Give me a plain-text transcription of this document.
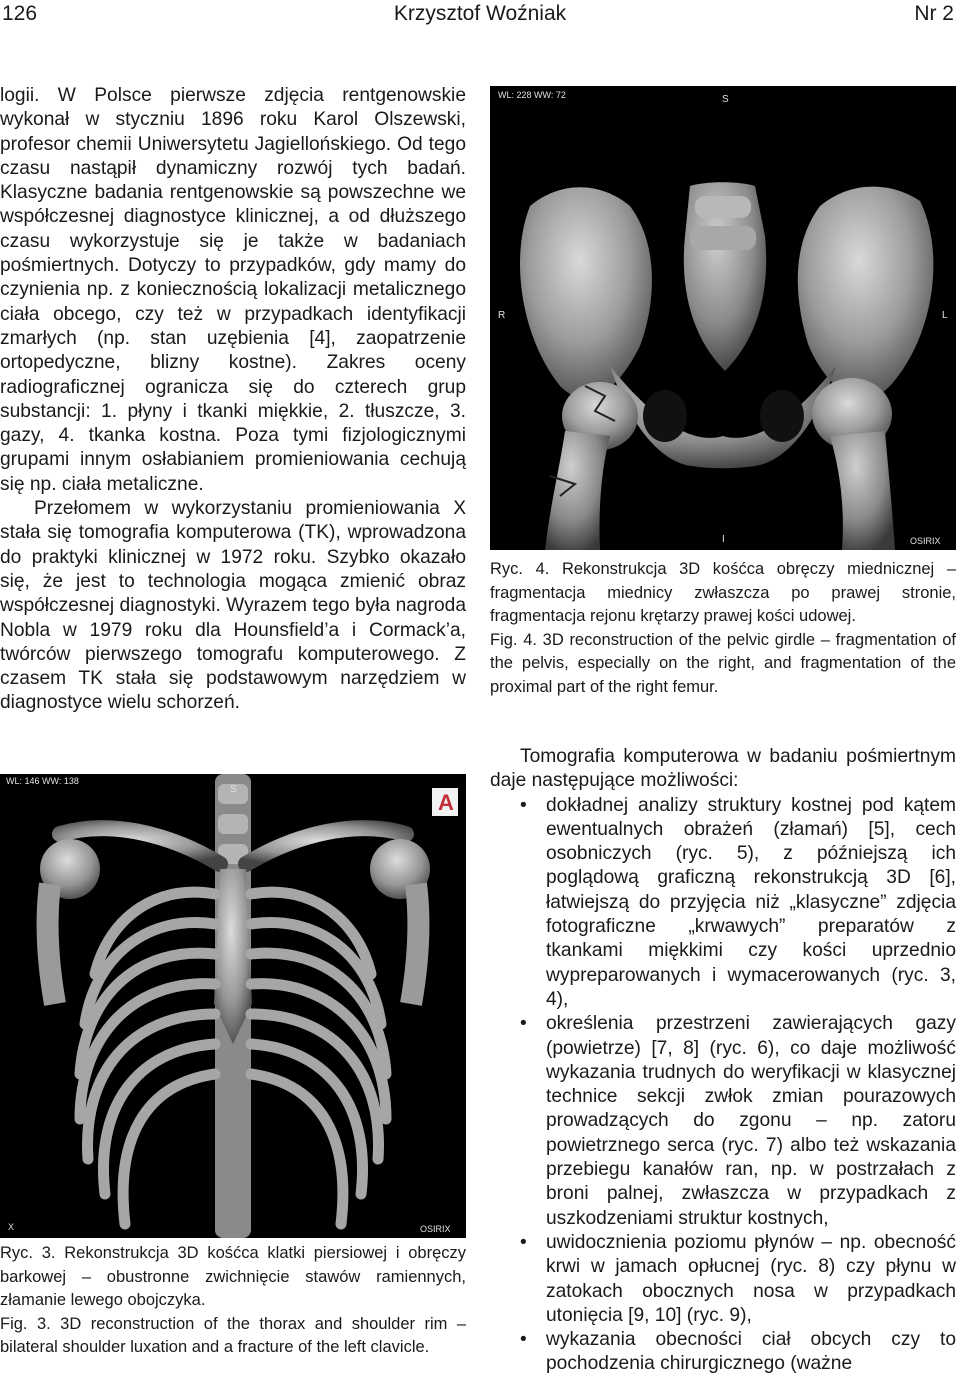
126	Krzysztof Woźniak	Nr 2

logii. W Polsce pierwsze zdjęcia rentgenowskie wykonał w styczniu 1896 roku Karol Olszewski, profesor chemii Uniwersytetu Jagiellońskiego. Od tego czasu nastąpił dynamiczny rozwój tych badań. Klasyczne badania rentgenowskie są powszechne we współczesnej diagnostyce klinicznej, a od dłuższego czasu wykorzystuje się je także w badaniach pośmiertnych. Dotyczy to przypadków, gdy mamy do czynienia np. z koniecznością lokalizacji metalicznego ciała obcego, czy też w przypadkach identyfikacji zmarłych (np. stan uzębienia [4], zaopatrzenie ortopedyczne, blizny kostne). Zakres oceny radiograficznej ogranicza się do czterech grup substancji: 1. płyny i tkanki miękkie, 2. tłuszcze, 3. gazy, 4. tkanka kostna. Poza tymi fizjologicznymi grupami innym osłabianiem promieniowania cechują się np. ciała metaliczne.

Przełomem w wykorzystaniu promieniowania X stała się tomografia komputerowa (TK), wprowadzona do praktyki klinicznej w 1972 roku. Szybko okazało się, że jest to technologia mogąca zmienić obraz współczesnej diagnostyki. Wyrazem tego była nagroda Nobla w 1979 roku dla Hounsfield’a i Cormack’a, twórców pierwszego tomografu komputerowego. Z czasem TK stała się podstawowym narzędziem w diagnostyce wielu schorzeń.

WL: 228 WW: 72	S
R	L
I	OSIRIX

Ryc. 4. Rekonstrukcja 3D kośćca obręczy miednicznej – fragmentacja miednicy zwłaszcza po prawej stronie, fragmentacja rejonu krętarzy prawej kości udowej.

Fig. 4. 3D reconstruction of the pelvic girdle – fragmentation of the pelvis, especially on the right, and fragmentation of the proximal part of the right femur.

WL: 146 WW: 138
S
A
X	OSIRIX

Ryc. 3. Rekonstrukcja 3D kośćca klatki piersiowej i obręczy barkowej – obustronne zwichnięcie stawów ramiennych, złamanie lewego obojczyka.

Fig. 3. 3D reconstruction of the thorax and shoulder rim – bilateral shoulder luxation and a fracture of the left clavicle.

Tomografia komputerowa w badaniu pośmiertnym daje następujące możliwości:

• dokładnej analizy struktury kostnej pod kątem ewentualnych obrażeń (złamań) [5], cech osobniczych (ryc. 5), z późniejszą ich poglądową graficzną rekonstrukcją 3D [6], łatwiejszą do przyjęcia niż „klasyczne” zdjęcia fotograficzne „krwawych” preparatów z tkankami miękkimi czy kości uprzednio wypreparowanych i wymacerowanych (ryc. 3, 4),
• określenia przestrzeni zawierających gazy (powietrze) [7, 8] (ryc. 6), co daje możliwość wykazania trudnych do weryfikacji w klasycznej technice sekcji zwłok zmian pourazowych prowadzących do zgonu – np. zatoru powietrznego serca (ryc. 7) albo też wskazania przebiegu kanałów ran, np. w postrzałach z broni palnej, zwłaszcza w przypadkach z uszkodzeniami struktur kostnych,
• uwidocznienia poziomu płynów – np. obecność krwi w jamach opłucnej (ryc. 8) czy płynu w zatokach obocznych nosa w przypadkach utonięcia [9, 10] (ryc. 9),
• wykazania obecności ciał obcych czy to pochodzenia chirurgicznego (ważne
